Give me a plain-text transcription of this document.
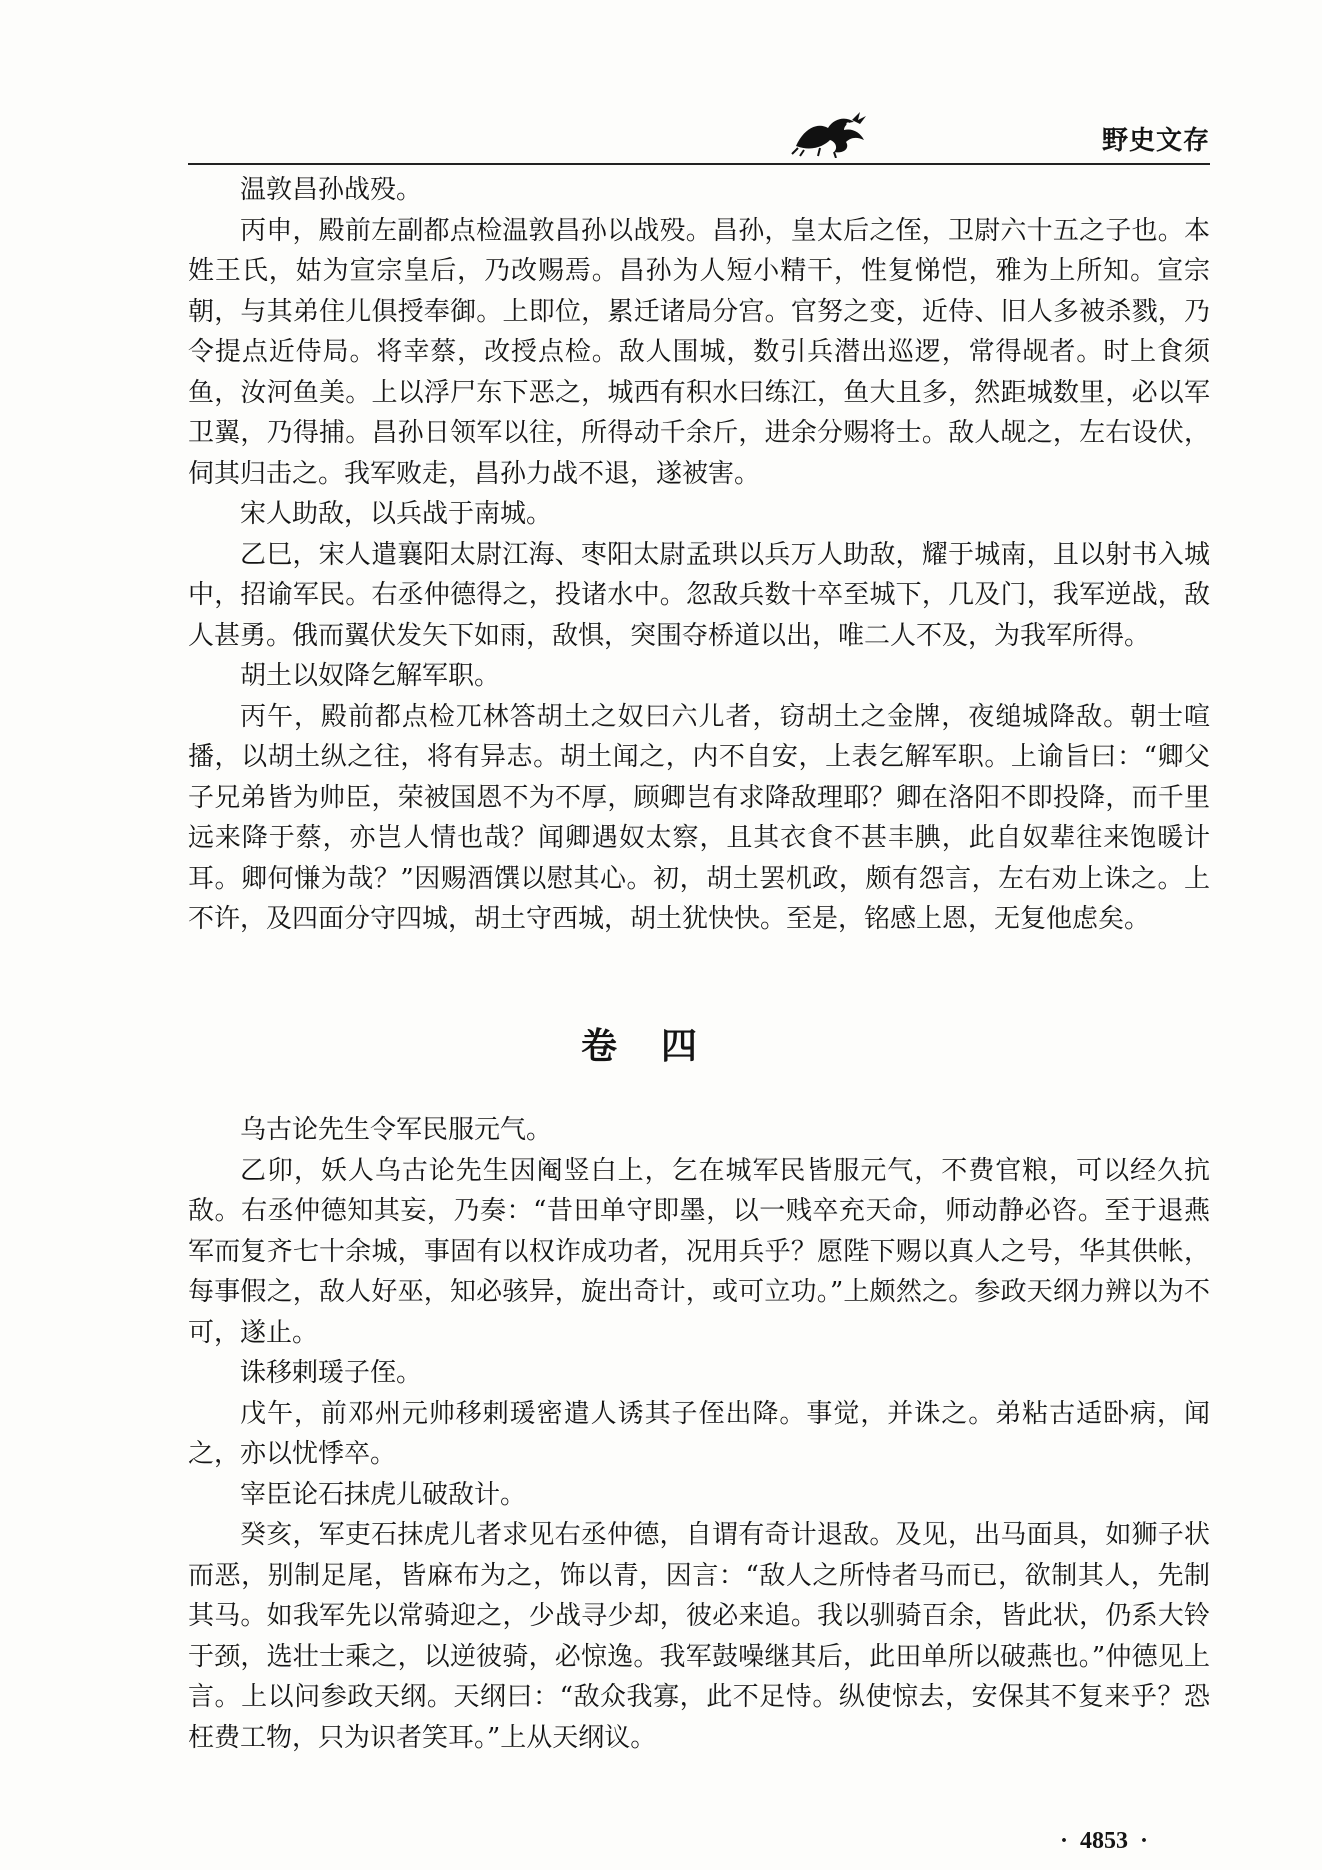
野史文存

温敦昌孙战殁。

丙申，殿前左副都点检温敦昌孙以战殁。昌孙，皇太后之侄，卫尉六十五之子也。本姓王氏，姑为宣宗皇后，乃改赐焉。昌孙为人短小精干，性复悌恺，雅为上所知。宣宗朝，与其弟住儿俱授奉御。上即位，累迁诸局分宫。官努之变，近侍、旧人多被杀戮，乃令提点近侍局。将幸蔡，改授点检。敌人围城，数引兵潜出巡逻，常得觇者。时上食须鱼，汝河鱼美。上以浮尸东下恶之，城西有积水曰练江，鱼大且多，然距城数里，必以军卫翼，乃得捕。昌孙日领军以往，所得动千余斤，进余分赐将士。敌人觇之，左右设伏，伺其归击之。我军败走，昌孙力战不退，遂被害。

宋人助敌，以兵战于南城。

乙巳，宋人遣襄阳太尉江海、枣阳太尉孟珙以兵万人助敌，耀于城南，且以射书入城中，招谕军民。右丞仲德得之，投诸水中。忽敌兵数十卒至城下，几及门，我军逆战，敌人甚勇。俄而翼伏发矢下如雨，敌惧，突围夺桥道以出，唯二人不及，为我军所得。

胡土以奴降乞解军职。

丙午，殿前都点检兀林答胡土之奴曰六儿者，窃胡土之金牌，夜缒城降敌。朝士喧播，以胡土纵之往，将有异志。胡土闻之，内不自安，上表乞解军职。上谕旨曰：“卿父子兄弟皆为帅臣，荣被国恩不为不厚，顾卿岂有求降敌理耶？卿在洛阳不即投降，而千里远来降于蔡，亦岂人情也哉？闻卿遇奴太察，且其衣食不甚丰腆，此自奴辈往来饱暖计耳。卿何慊为哉？”因赐酒馔以慰其心。初，胡土罢机政，颇有怨言，左右劝上诛之。上不许，及四面分守四城，胡土守西城，胡土犹快快。至是，铭感上恩，无复他虑矣。

卷四

乌古论先生令军民服元气。

乙卯，妖人乌古论先生因阉竖白上，乞在城军民皆服元气，不费官粮，可以经久抗敌。右丞仲德知其妄，乃奏：“昔田单守即墨，以一贱卒充天命，师动静必咨。至于退燕军而复齐七十余城，事固有以权诈成功者，况用兵乎？愿陛下赐以真人之号，华其供帐，每事假之，敌人好巫，知必骇异，旋出奇计，或可立功。”上颇然之。参政天纲力辨以为不可，遂止。

诛移剌瑗子侄。

戊午，前邓州元帅移剌瑗密遣人诱其子侄出降。事觉，并诛之。弟粘古适卧病，闻之，亦以忧悸卒。

宰臣论石抹虎儿破敌计。

癸亥，军吏石抹虎儿者求见右丞仲德，自谓有奇计退敌。及见，出马面具，如狮子状而恶，别制足尾，皆麻布为之，饰以青，因言：“敌人之所恃者马而已，欲制其人，先制其马。如我军先以常骑迎之，少战寻少却，彼必来追。我以驯骑百余，皆此状，仍系大铃于颈，选壮士乘之，以逆彼骑，必惊逸。我军鼓噪继其后，此田单所以破燕也。”仲德见上言。上以问参政天纲。天纲曰：“敌众我寡，此不足恃。纵使惊去，安保其不复来乎？恐枉费工物，只为识者笑耳。”上从天纲议。

· 4853 ·
